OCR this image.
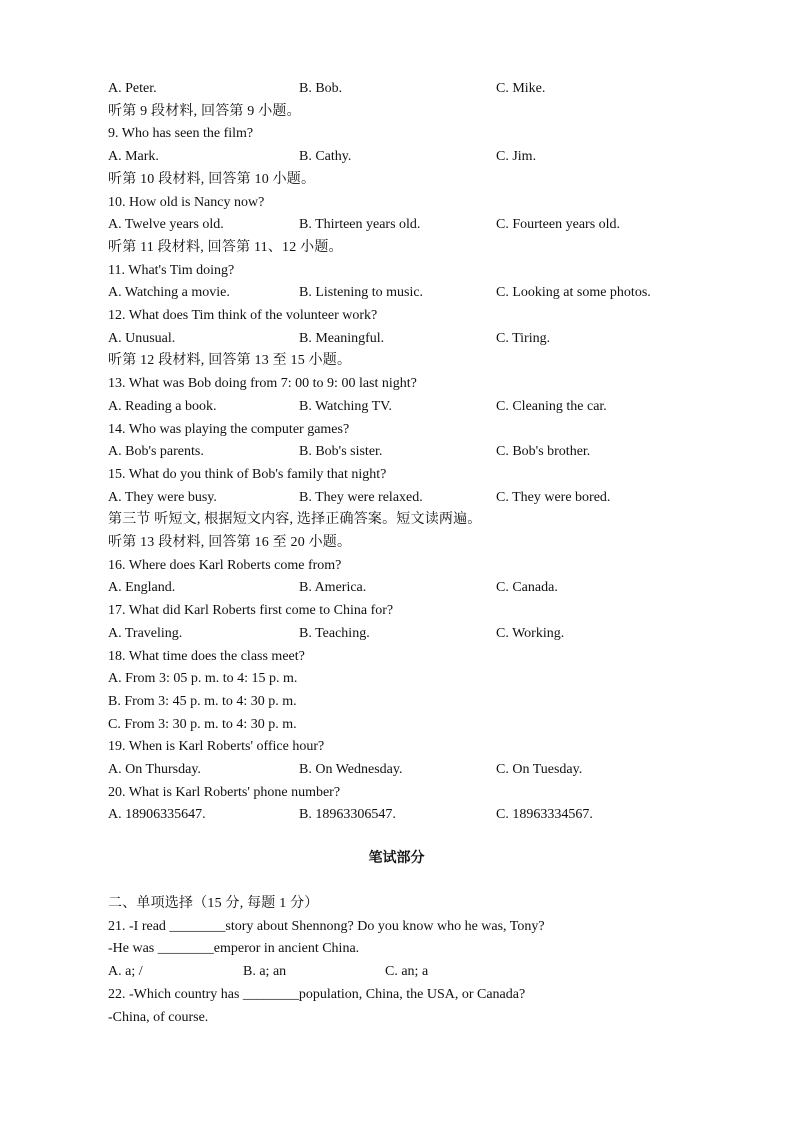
A. Peter.	B. Bob.	C. Mike.
听第 9 段材料, 回答第 9 小题。
9. Who has seen the film?
A. Mark.	B. Cathy.	C. Jim.
听第 10 段材料, 回答第 10 小题。
10. How old is Nancy now?
A. Twelve years old.	B. Thirteen years old.	C. Fourteen years old.
听第 11 段材料, 回答第 11、12 小题。
11. What's Tim doing?
A. Watching a movie.	B. Listening to music.	C. Looking at some photos.
12. What does Tim think of the volunteer work?
A. Unusual.	B. Meaningful.	C. Tiring.
听第 12 段材料, 回答第 13 至 15 小题。
13. What was Bob doing from 7: 00 to 9: 00 last night?
A. Reading a book.	B. Watching TV.	C. Cleaning the car.
14. Who was playing the computer games?
A. Bob's parents.	B. Bob's sister.	C. Bob's brother.
15. What do you think of Bob's family that night?
A. They were busy.	B. They were relaxed.	C. They were bored.
第三节 听短文, 根据短文内容, 选择正确答案。短文读两遍。
听第 13 段材料, 回答第 16 至 20 小题。
16. Where does Karl Roberts come from?
A. England.	B. America.	C. Canada.
17. What did Karl Roberts first come to China for?
A. Traveling.	B. Teaching.	C. Working.
18. What time does the class meet?
A. From 3: 05 p. m. to 4: 15 p. m.
B. From 3: 45 p. m. to 4: 30 p. m.
C. From 3: 30 p. m. to 4: 30 p. m.
19. When is Karl Roberts' office hour?
A. On Thursday.	B. On Wednesday.	C. On Tuesday.
20. What is Karl Roberts' phone number?
A. 18906335647.	B. 18963306547.	C. 18963334567.
笔试部分
二、单项选择（15 分, 每题 1 分）
21. -I read ________story about Shennong? Do you know who he was, Tony?
-He was ________emperor in ancient China.
A. a; /	B. a; an	C. an; a
22. -Which country has ________population, China, the USA, or Canada?
-China, of course.
